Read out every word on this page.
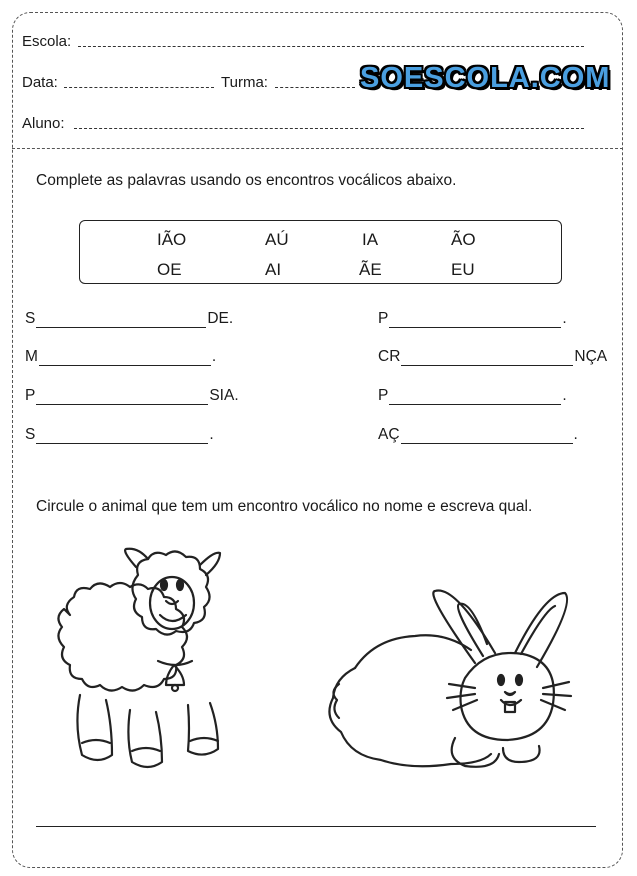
Escola:
Data:	Turma:	SOESCOLA.COM
Aluno:
Complete as palavras usando os encontros vocálicos abaixo.
IÃO	AÚ	IA	ÃO
OE	AI	ÃE	EU
S	DE.
M	.
P	SIA.
S	.
P	.
CR	NÇA
P	.
AÇ	.
Circule o animal que tem um encontro vocálico no nome e escreva qual.
